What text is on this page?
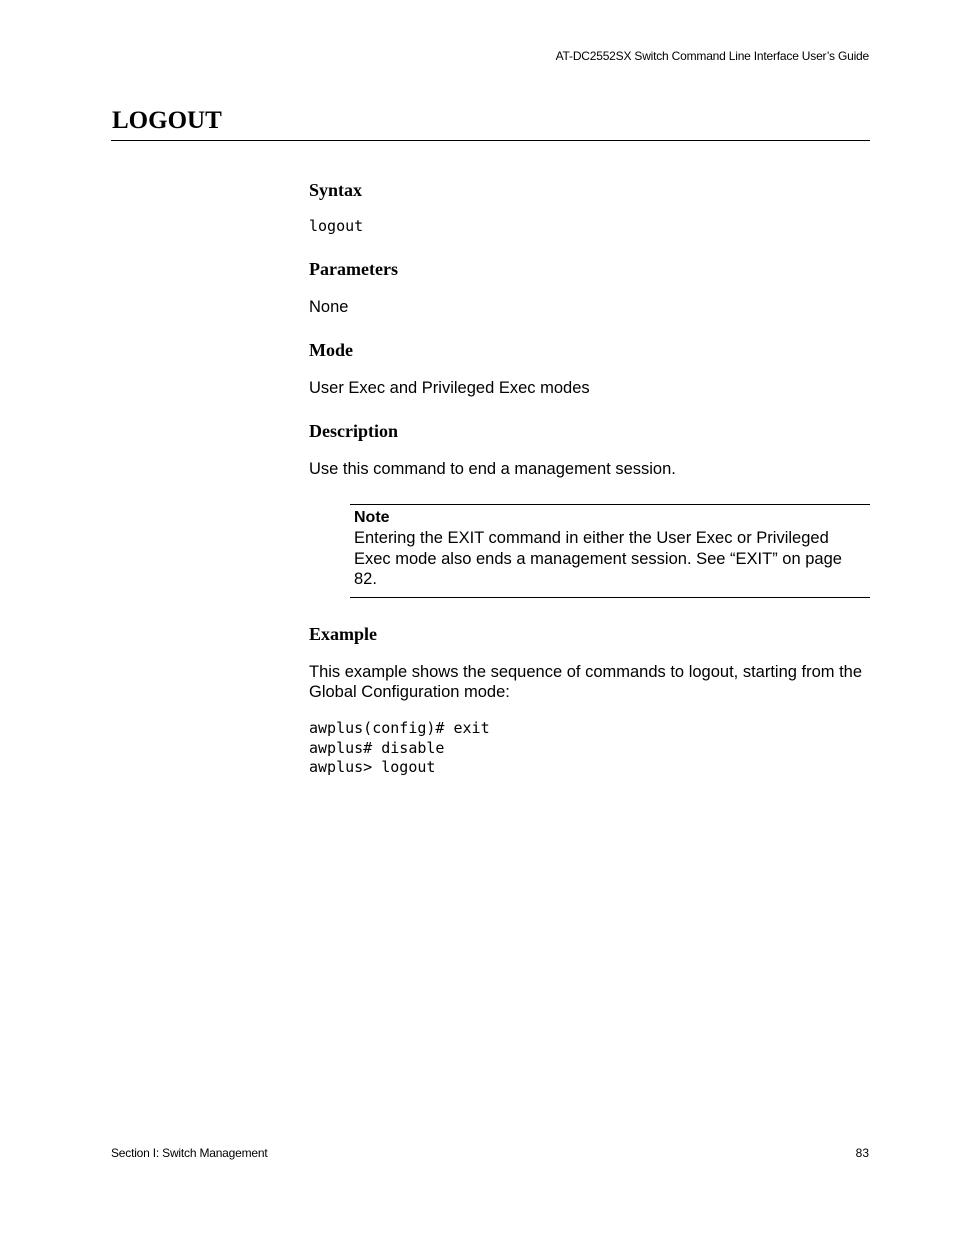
AT-DC2552SX Switch Command Line Interface User’s Guide
LOGOUT
Syntax
logout
Parameters

None

Mode

User Exec and Privileged Exec modes

Description

Use this command to end a management session.

Note

Entering the EXIT command in either the User Exec or Privileged Exec mode also ends a management session. See “EXIT” on page 82.

Example

This example shows the sequence of commands to logout, starting from the Global Configuration mode:

awplus(config)# exit
awplus# disable
awplus> logout
Section I: Switch Management	83
